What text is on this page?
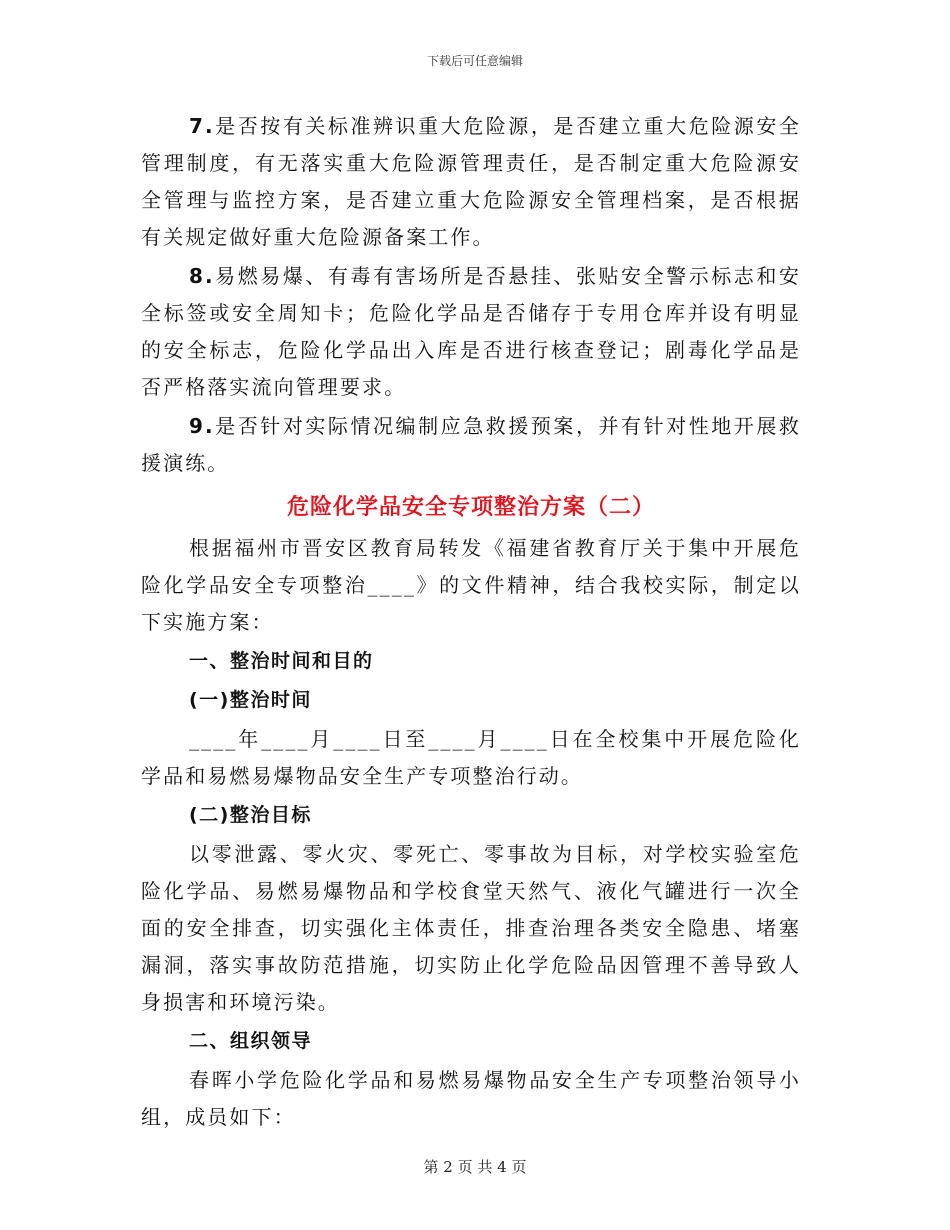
下载后可任意编辑

7.是否按有关标准辨识重大危险源，是否建立重大危险源安全管理制度，有无落实重大危险源管理责任，是否制定重大危险源安全管理与监控方案，是否建立重大危险源安全管理档案，是否根据有关规定做好重大危险源备案工作。

8.易燃易爆、有毒有害场所是否悬挂、张贴安全警示标志和安全标签或安全周知卡；危险化学品是否储存于专用仓库并设有明显的安全标志，危险化学品出入库是否进行核查登记；剧毒化学品是否严格落实流向管理要求。

9.是否针对实际情况编制应急救援预案，并有针对性地开展救援演练。

危险化学品安全专项整治方案（二）

根据福州市晋安区教育局转发《福建省教育厅关于集中开展危险化学品安全专项整治____》的文件精神，结合我校实际，制定以下实施方案：

一、整治时间和目的

(一)整治时间

____年____月____日至____月____日在全校集中开展危险化学品和易燃易爆物品安全生产专项整治行动。

(二)整治目标

以零泄露、零火灾、零死亡、零事故为目标，对学校实验室危险化学品、易燃易爆物品和学校食堂天然气、液化气罐进行一次全面的安全排查，切实强化主体责任，排查治理各类安全隐患、堵塞漏洞，落实事故防范措施，切实防止化学危险品因管理不善导致人身损害和环境污染。

二、组织领导

春晖小学危险化学品和易燃易爆物品安全生产专项整治领导小组，成员如下：

第 2 页 共 4 页
